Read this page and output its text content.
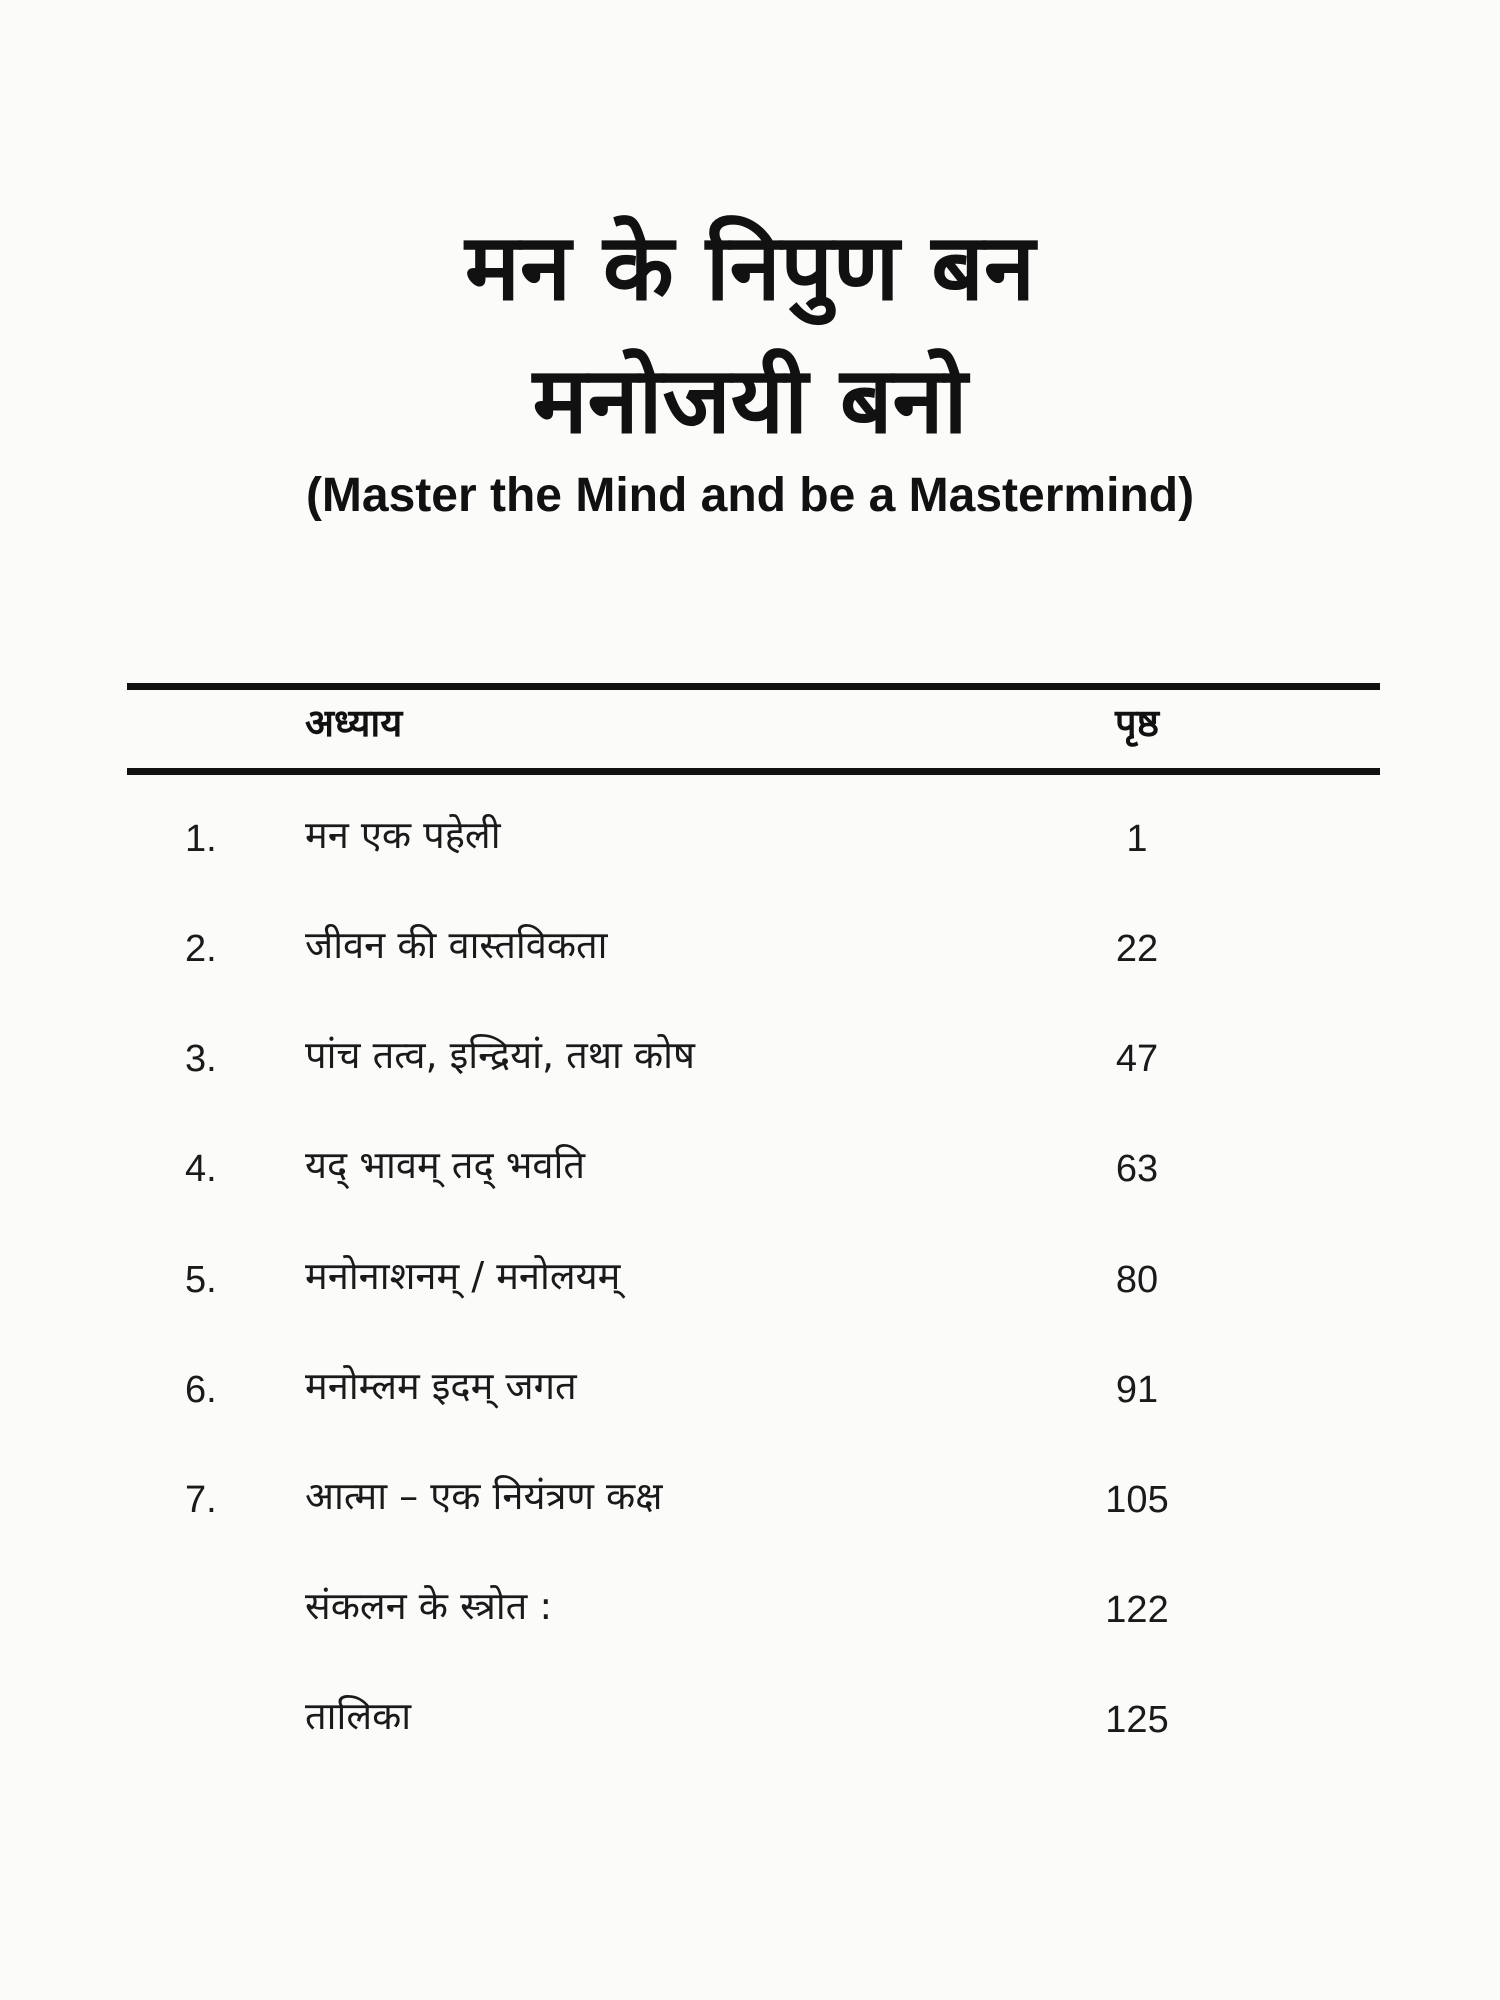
मन के निपुण बन
मनोजयी बनो
(Master the Mind and be a Mastermind)
अध्याय	पृष्ठ
1. मन एक पहेली	1
2. जीवन की वास्तविकता	22
3. पांच तत्व, इन्द्रियां, तथा कोष	47
4. यद् भावम् तद् भवति	63
5. मनोनाशनम् / मनोलयम्	80
6. मनोम्लम इदम् जगत	91
7. आत्मा – एक नियंत्रण कक्ष	105
संकलन के स्त्रोत :	122
तालिका	125
